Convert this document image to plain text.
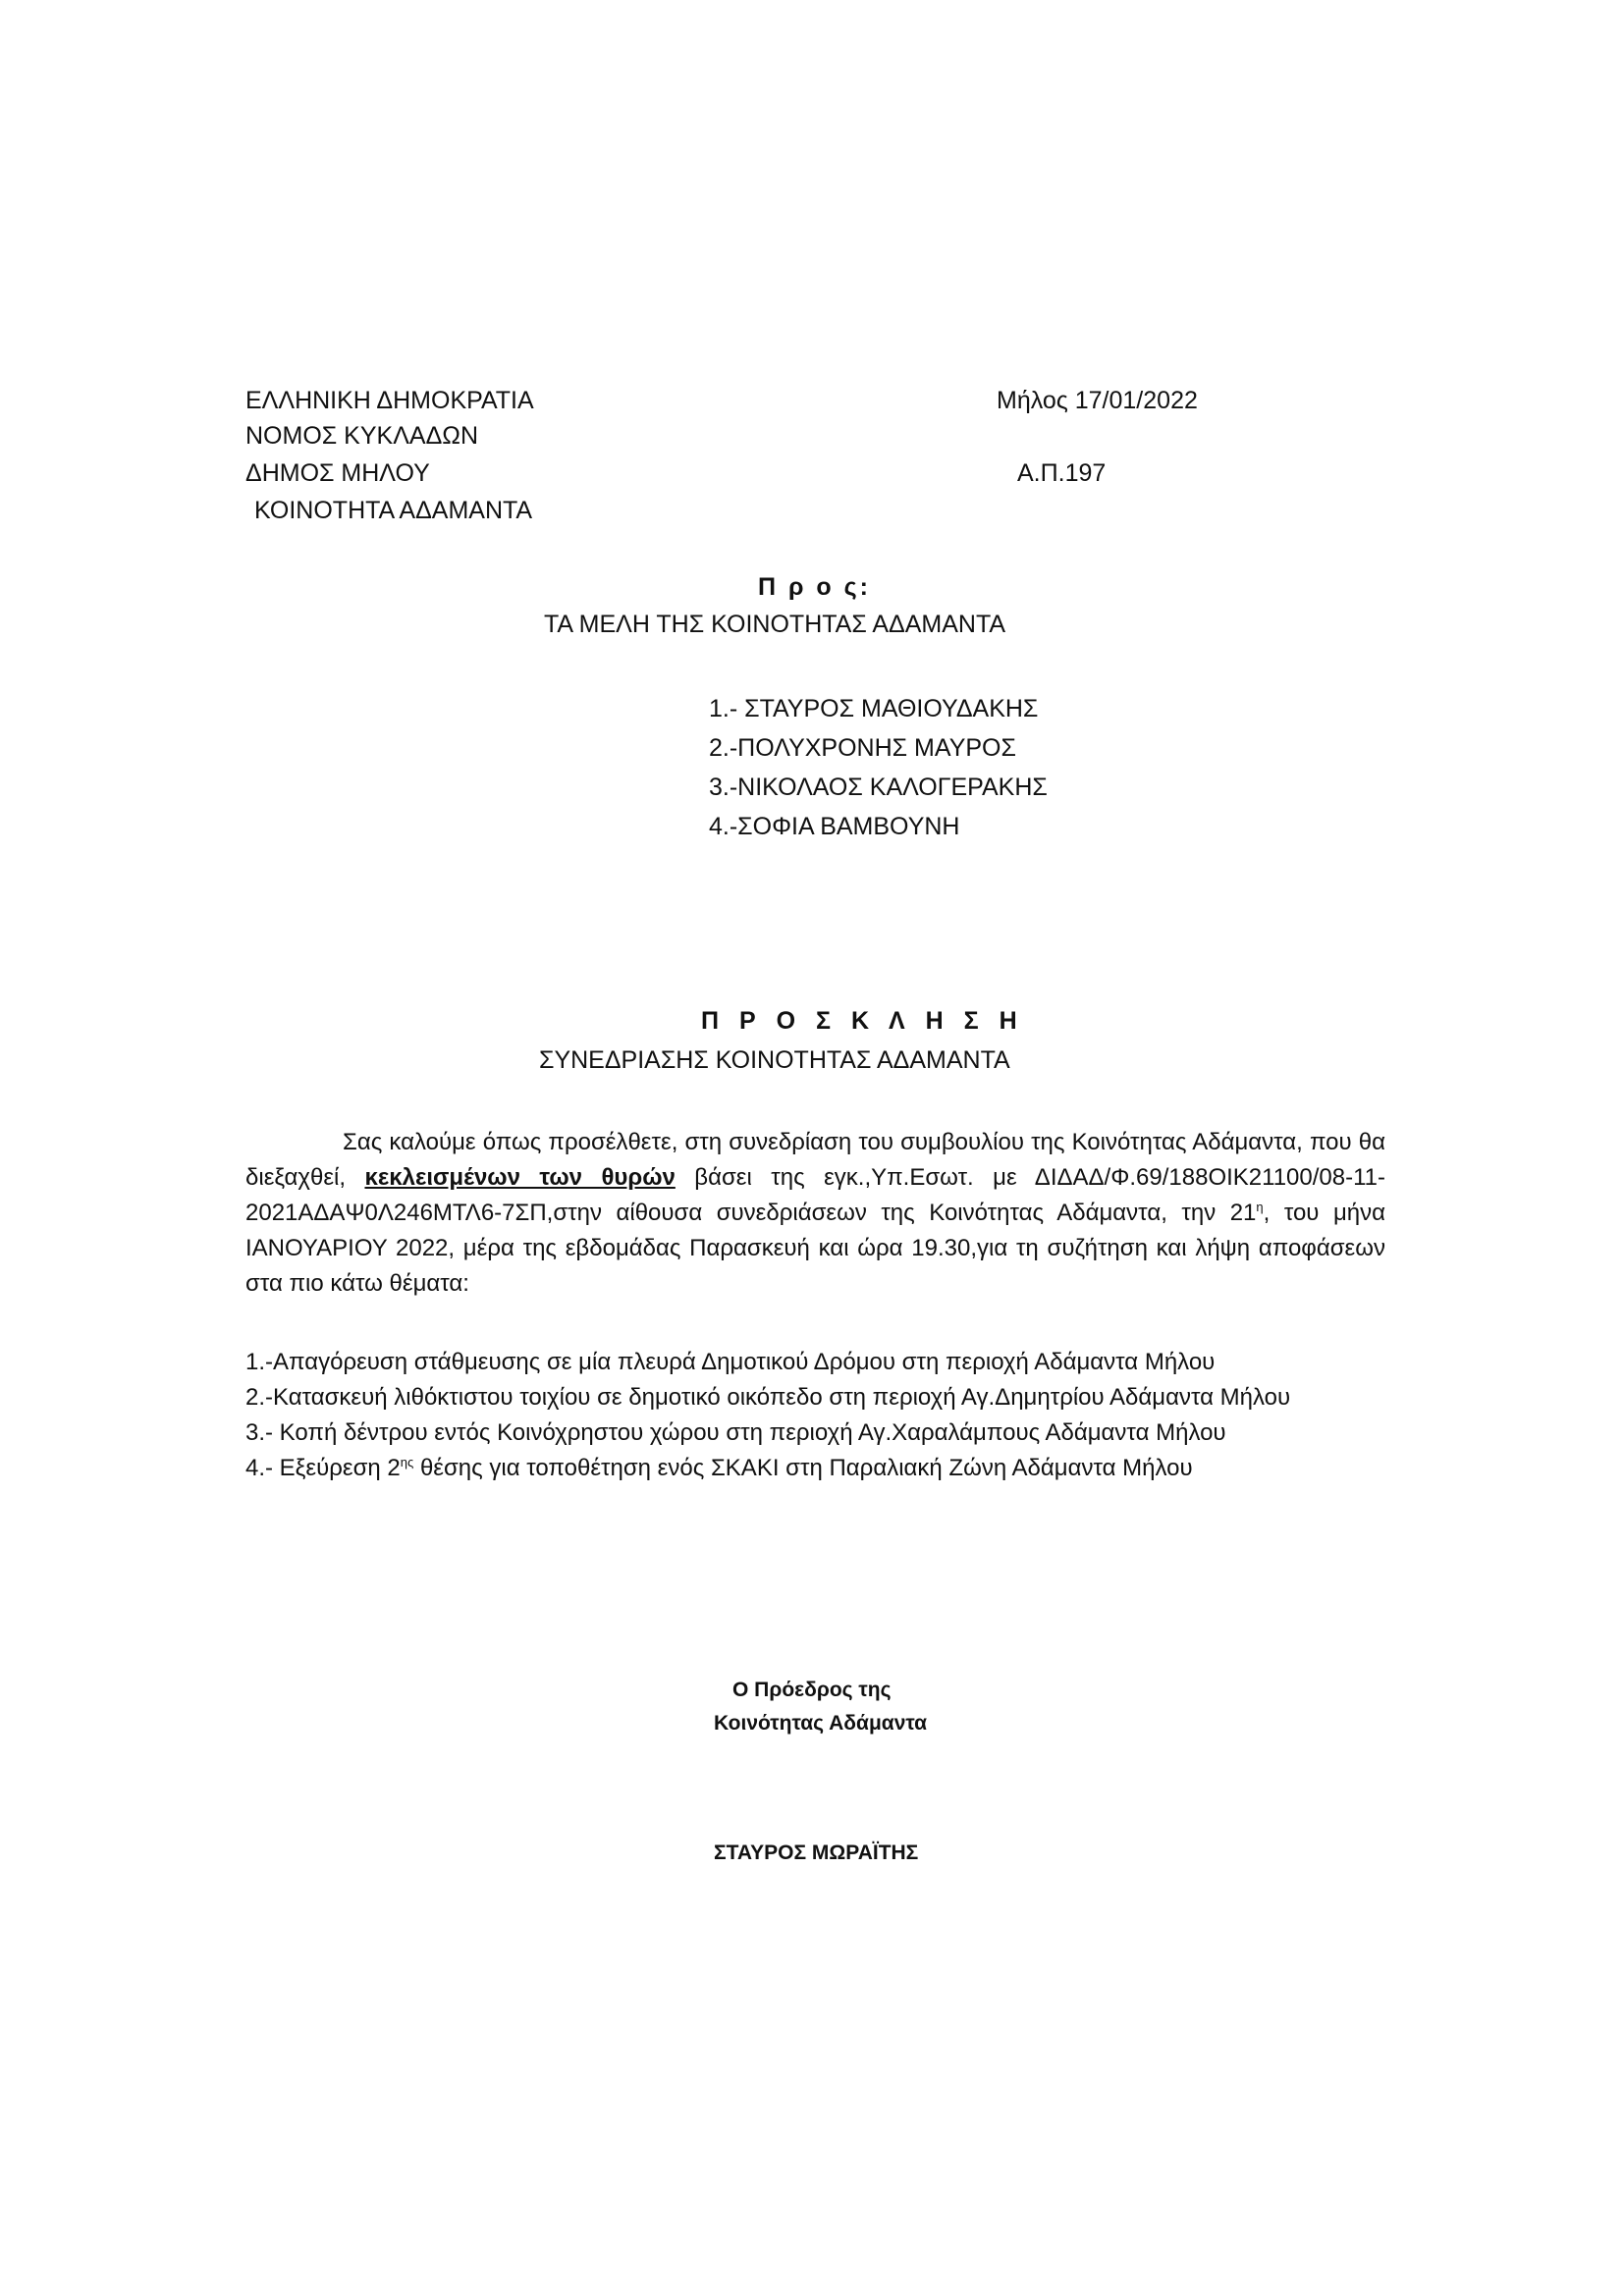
ΕΛΛΗΝΙΚΗ ΔΗΜΟΚΡΑΤΙΑ
ΝΟΜΟΣ ΚΥΚΛΑΔΩΝ
ΔΗΜΟΣ ΜΗΛΟΥ
ΚΟΙΝΟΤΗΤΑ ΑΔΑΜΑΝΤΑ
Μήλος 17/01/2022
Α.Π.197
Π ρ ο ς:
ΤΑ ΜΕΛΗ ΤΗΣ ΚΟΙΝΟΤΗΤΑΣ ΑΔΑΜΑΝΤΑ
1.- ΣΤΑΥΡΟΣ ΜΑΘΙΟΥΔΑΚΗΣ
2.-ΠΟΛΥΧΡΟΝΗΣ ΜΑΥΡΟΣ
3.-ΝΙΚΟΛΑΟΣ ΚΑΛΟΓΕΡΑΚΗΣ
4.-ΣΟΦΙΑ ΒΑΜΒΟΥΝΗ
Π Ρ Ο Σ Κ Λ Η Σ Η
ΣΥΝΕΔΡΙΑΣΗΣ ΚΟΙΝΟΤΗΤΑΣ ΑΔΑΜΑΝΤΑ
Σας καλούμε όπως προσέλθετε, στη συνεδρίαση του συμβουλίου της Κοινότητας Αδάμαντα, που θα διεξαχθεί, κεκλεισμένων των θυρών βάσει της εγκ.,Υπ.Εσωτ. με ΔΙΔΑΔ/Φ.69/188ΟΙΚ21100/08-11-2021ΑΔΑΨ0Λ246ΜΤΛ6-7ΣΠ,στην αίθουσα συνεδριάσεων της Κοινότητας Αδάμαντα, την $21^\eta$, του μήνα ΙΑΝΟΥΑΡΙΟΥ 2022, μέρα της εβδομάδας Παρασκευή και ώρα 19.30,για τη συζήτηση και λήψη αποφάσεων στα πιο κάτω θέματα:
1.-Απαγόρευση στάθμευσης σε μία πλευρά Δημοτικού Δρόμου στη περιοχή Αδάμαντα Μήλου
2.-Κατασκευή λιθόκτιστου τοιχίου σε δημοτικό οικόπεδο στη περιοχή Αγ.Δημητρίου Αδάμαντα Μήλου
3.- Κοπή δέντρου εντός Κοινόχρηστου χώρου στη περιοχή Αγ.Χαραλάμπους Αδάμαντα Μήλου
4.- Εξεύρεση $2^{\eta\varsigma}$ θέσης για τοποθέτηση ενός ΣΚΑΚΙ στη Παραλιακή Ζώνη Αδάμαντα Μήλου
Ο Πρόεδρος της
Κοινότητας Αδάμαντα
ΣΤΑΥΡΟΣ ΜΩΡΑΪΤΗΣ
